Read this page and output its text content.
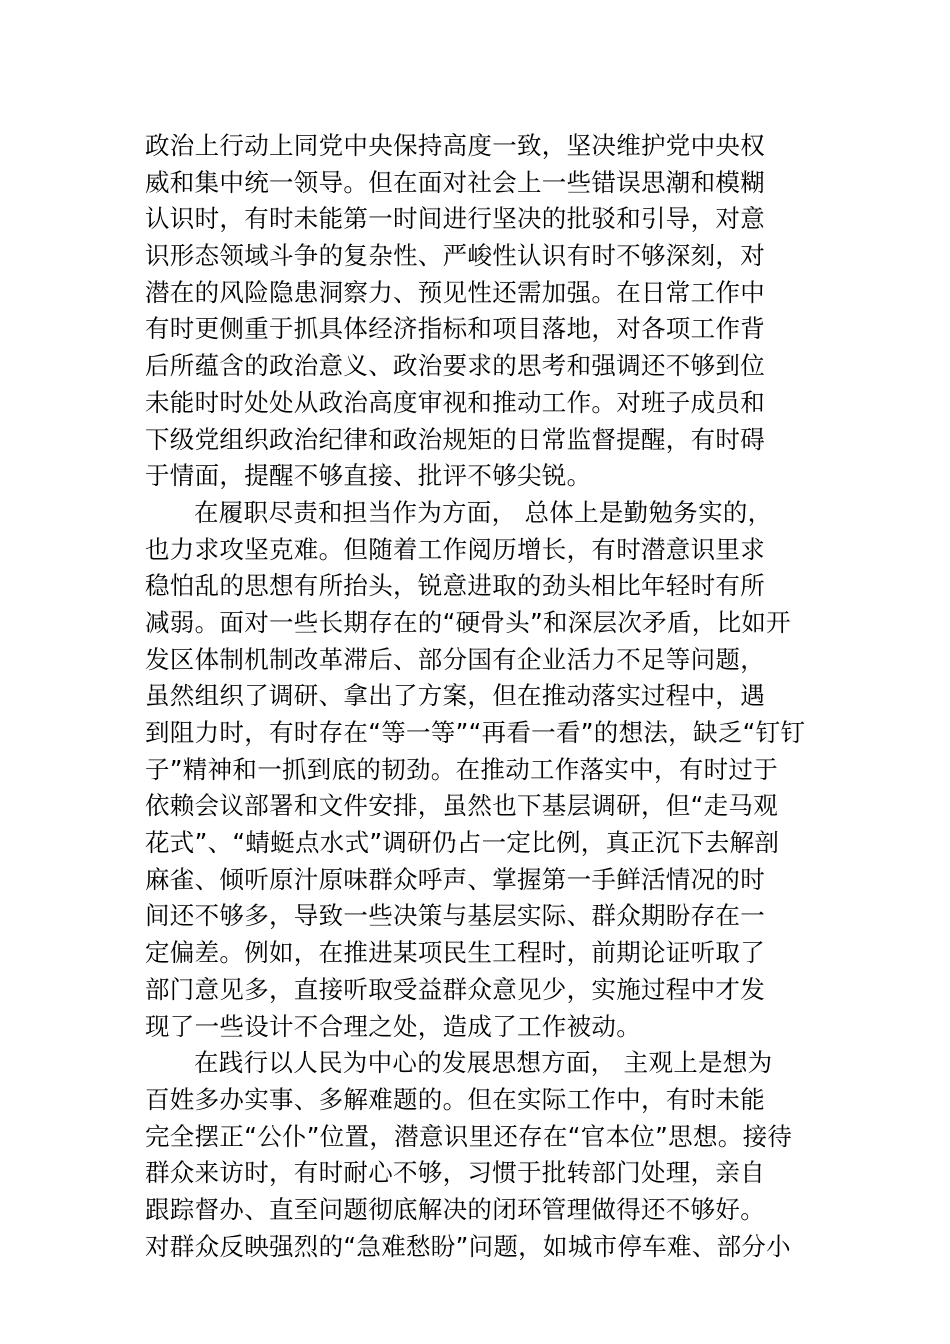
政治上行动上同党中央保持高度一致，坚决维护党中央权
威和集中统一领导。但在面对社会上一些错误思潮和模糊
认识时，有时未能第一时间进行坚决的批驳和引导，对意
识形态领域斗争的复杂性、严峻性认识有时不够深刻，对
潜在的风险隐患洞察力、预见性还需加强。在日常工作中
有时更侧重于抓具体经济指标和项目落地，对各项工作背
后所蕴含的政治意义、政治要求的思考和强调还不够到位
未能时时处处从政治高度审视和推动工作。对班子成员和
下级党组织政治纪律和政治规矩的日常监督提醒，有时碍
于情面，提醒不够直接、批评不够尖锐。
在履职尽责和担当作为方面， 总体上是勤勉务实的，
也力求攻坚克难。但随着工作阅历增长，有时潜意识里求
稳怕乱的思想有所抬头，锐意进取的劲头相比年轻时有所
减弱。面对一些长期存在的“硬骨头”和深层次矛盾，比如开
发区体制机制改革滞后、部分国有企业活力不足等问题，
虽然组织了调研、拿出了方案，但在推动落实过程中，遇
到阻力时，有时存在“等一等”“再看一看”的想法，缺乏“钉钉
子”精神和一抓到底的韧劲。在推动工作落实中，有时过于
依赖会议部署和文件安排，虽然也下基层调研，但“走马观
花式”、“蜻蜓点水式”调研仍占一定比例，真正沉下去解剖
麻雀、倾听原汁原味群众呼声、掌握第一手鲜活情况的时
间还不够多，导致一些决策与基层实际、群众期盼存在一
定偏差。例如，在推进某项民生工程时，前期论证听取了
部门意见多，直接听取受益群众意见少，实施过程中才发
现了一些设计不合理之处，造成了工作被动。
在践行以人民为中心的发展思想方面， 主观上是想为
百姓多办实事、多解难题的。但在实际工作中，有时未能
完全摆正“公仆”位置，潜意识里还存在“官本位”思想。接待
群众来访时，有时耐心不够，习惯于批转部门处理，亲自
跟踪督办、直至问题彻底解决的闭环管理做得还不够好。
对群众反映强烈的“急难愁盼”问题，如城市停车难、部分小
